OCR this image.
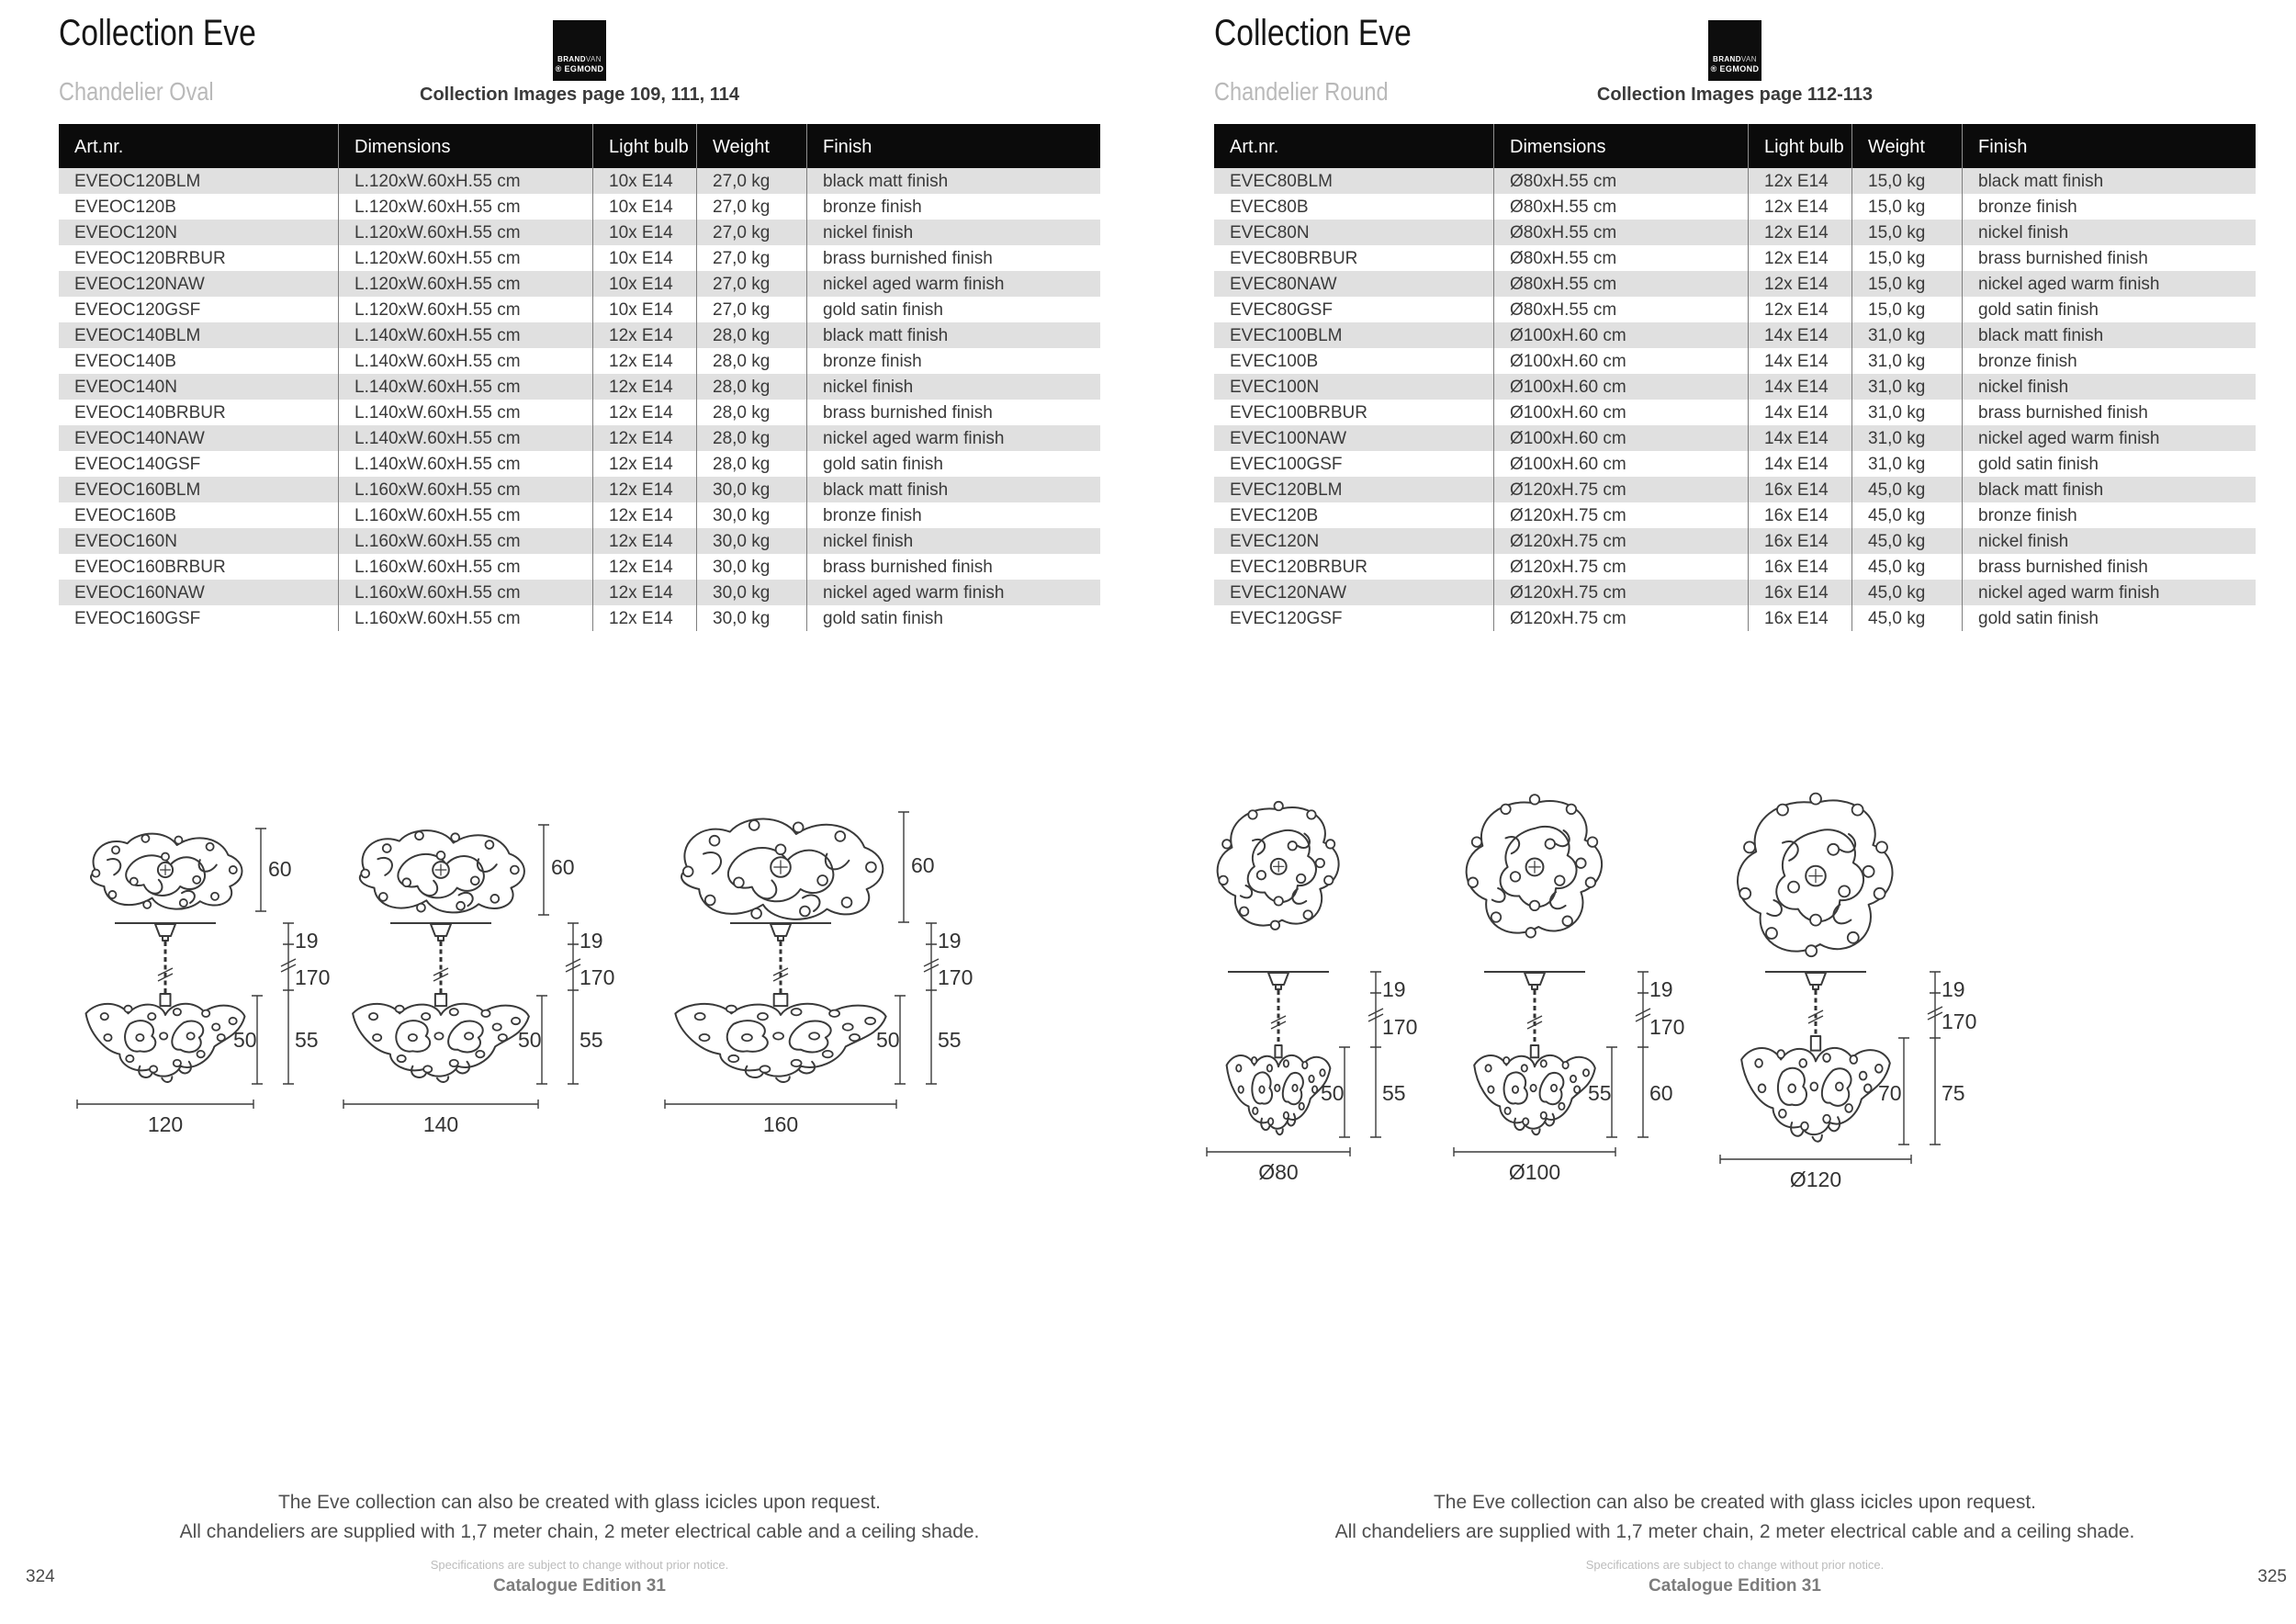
Collection Eve
Chandelier Oval
BRANDVAN
® EGMOND
Collection Images page 109, 111, 114
Art.nr.	Dimensions	Light bulb	Weight	Finish
EVEOC120BLM	L.120xW.60xH.55 cm	10x E14	27,0 kg	black matt finish
EVEOC120B	L.120xW.60xH.55 cm	10x E14	27,0 kg	bronze finish
EVEOC120N	L.120xW.60xH.55 cm	10x E14	27,0 kg	nickel finish
EVEOC120BRBUR	L.120xW.60xH.55 cm	10x E14	27,0 kg	brass burnished finish
EVEOC120NAW	L.120xW.60xH.55 cm	10x E14	27,0 kg	nickel aged warm finish
EVEOC120GSF	L.120xW.60xH.55 cm	10x E14	27,0 kg	gold satin finish
EVEOC140BLM	L.140xW.60xH.55 cm	12x E14	28,0 kg	black matt finish
EVEOC140B	L.140xW.60xH.55 cm	12x E14	28,0 kg	bronze finish
EVEOC140N	L.140xW.60xH.55 cm	12x E14	28,0 kg	nickel finish
EVEOC140BRBUR	L.140xW.60xH.55 cm	12x E14	28,0 kg	brass burnished finish
EVEOC140NAW	L.140xW.60xH.55 cm	12x E14	28,0 kg	nickel aged warm finish
EVEOC140GSF	L.140xW.60xH.55 cm	12x E14	28,0 kg	gold satin finish
EVEOC160BLM	L.160xW.60xH.55 cm	12x E14	30,0 kg	black matt finish
EVEOC160B	L.160xW.60xH.55 cm	12x E14	30,0 kg	bronze finish
EVEOC160N	L.160xW.60xH.55 cm	12x E14	30,0 kg	nickel finish
EVEOC160BRBUR	L.160xW.60xH.55 cm	12x E14	30,0 kg	brass burnished finish
EVEOC160NAW	L.160xW.60xH.55 cm	12x E14	30,0 kg	nickel aged warm finish
EVEOC160GSF	L.160xW.60xH.55 cm	12x E14	30,0 kg	gold satin finish
60
19
170
55
50
120
60
19
170
55
50
140
60
19
170
55
50
160
The Eve collection can also be created with glass icicles upon request.
All chandeliers are supplied with 1,7 meter chain, 2 meter electrical cable and a ceiling shade.
Specifications are subject to change without prior notice.
Catalogue Edition 31
324
Collection Eve
Chandelier Round
BRANDVAN
® EGMOND
Collection Images page 112-113
Art.nr.	Dimensions	Light bulb	Weight	Finish
EVEC80BLM	Ø80xH.55 cm	12x E14	15,0 kg	black matt finish
EVEC80B	Ø80xH.55 cm	12x E14	15,0 kg	bronze finish
EVEC80N	Ø80xH.55 cm	12x E14	15,0 kg	nickel finish
EVEC80BRBUR	Ø80xH.55 cm	12x E14	15,0 kg	brass burnished finish
EVEC80NAW	Ø80xH.55 cm	12x E14	15,0 kg	nickel aged warm finish
EVEC80GSF	Ø80xH.55 cm	12x E14	15,0 kg	gold satin finish
EVEC100BLM	Ø100xH.60 cm	14x E14	31,0 kg	black matt finish
EVEC100B	Ø100xH.60 cm	14x E14	31,0 kg	bronze finish
EVEC100N	Ø100xH.60 cm	14x E14	31,0 kg	nickel finish
EVEC100BRBUR	Ø100xH.60 cm	14x E14	31,0 kg	brass burnished finish
EVEC100NAW	Ø100xH.60 cm	14x E14	31,0 kg	nickel aged warm finish
EVEC100GSF	Ø100xH.60 cm	14x E14	31,0 kg	gold satin finish
EVEC120BLM	Ø120xH.75 cm	16x E14	45,0 kg	black matt finish
EVEC120B	Ø120xH.75 cm	16x E14	45,0 kg	bronze finish
EVEC120N	Ø120xH.75 cm	16x E14	45,0 kg	nickel finish
EVEC120BRBUR	Ø120xH.75 cm	16x E14	45,0 kg	brass burnished finish
EVEC120NAW	Ø120xH.75 cm	16x E14	45,0 kg	nickel aged warm finish
EVEC120GSF	Ø120xH.75 cm	16x E14	45,0 kg	gold satin finish
19
170
55
50
Ø80
19
170
60
55
Ø100
19
170
75
70
Ø120
The Eve collection can also be created with glass icicles upon request.
All chandeliers are supplied with 1,7 meter chain, 2 meter electrical cable and a ceiling shade.
Specifications are subject to change without prior notice.
Catalogue Edition 31	325
